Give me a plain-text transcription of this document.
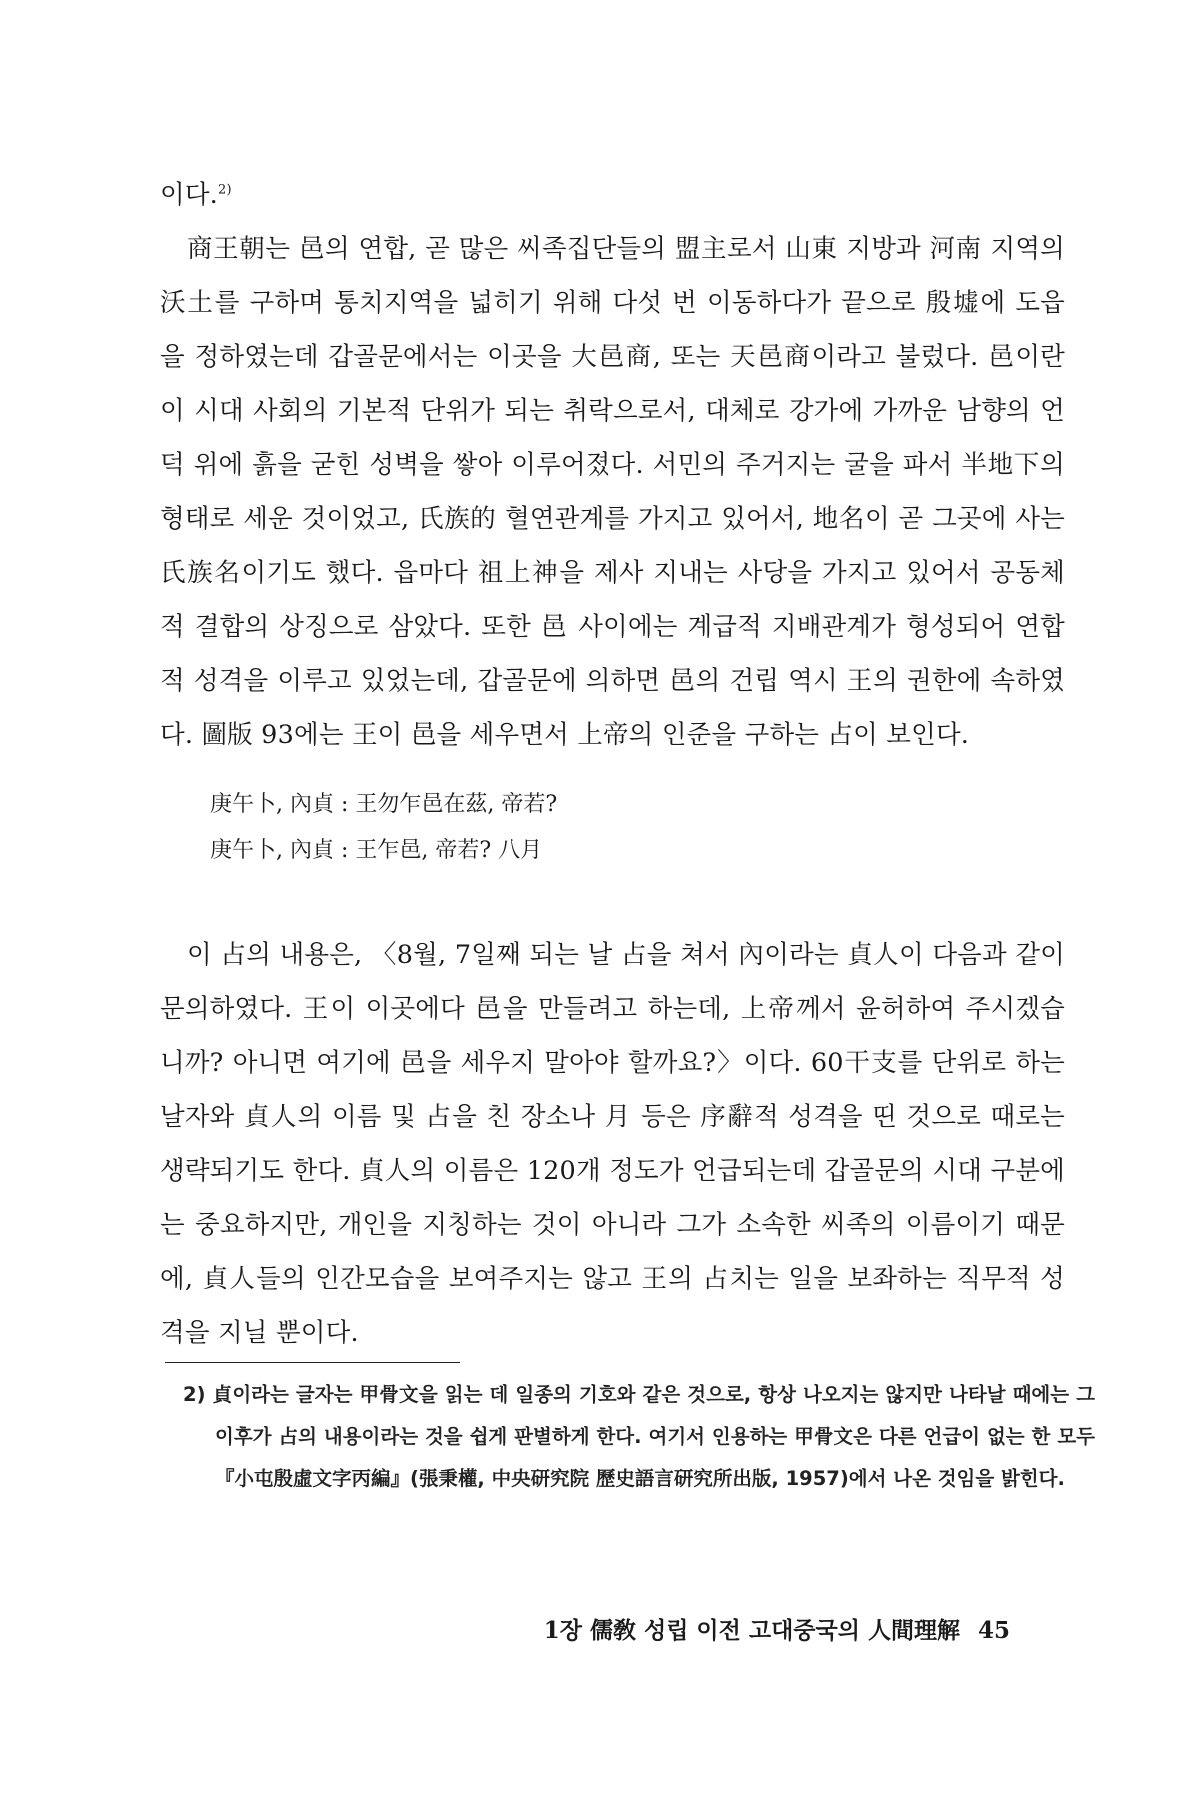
이다.$^{2)}$

商王朝는 邑의 연합, 곧 많은 씨족집단들의 盟主로서 山東 지방과 河南 지역의 沃土를 구하며 통치지역을 넓히기 위해 다섯 번 이동하다가 끝으로 殷墟에 도읍을 정하였는데 갑골문에서는 이곳을 大邑商, 또는 天邑商이라고 불렀다. 邑이란 이 시대 사회의 기본적 단위가 되는 취락으로서, 대체로 강가에 가까운 남향의 언덕 위에 흙을 굳힌 성벽을 쌓아 이루어졌다. 서민의 주거지는 굴을 파서 半地下의 형태로 세운 것이었고, 氏族的 혈연관계를 가지고 있어서, 地名이 곧 그곳에 사는 氏族名이기도 했다. 읍마다 祖上神을 제사 지내는 사당을 가지고 있어서 공동체적 결합의 상징으로 삼았다. 또한 邑 사이에는 계급적 지배관계가 형성되어 연합적 성격을 이루고 있었는데, 갑골문에 의하면 邑의 건립 역시 王의 권한에 속하였다. 圖版 93에는 王이 邑을 세우면서 上帝의 인준을 구하는 占이 보인다.

庚午卜, 內貞 : 王勿乍邑在茲, 帝若?

庚午卜, 內貞 : 王乍邑, 帝若? 八月

이 占의 내용은, 〈8월, 7일째 되는 날 占을 쳐서 內이라는 貞人이 다음과 같이 문의하였다. 王이 이곳에다 邑을 만들려고 하는데, 上帝께서 윤허하여 주시겠습니까? 아니면 여기에 邑을 세우지 말아야 할까요?〉이다. 60干支를 단위로 하는 날자와 貞人의 이름 및 占을 친 장소나 月 등은 序辭적 성격을 띤 것으로 때로는 생략되기도 한다. 貞人의 이름은 120개 정도가 언급되는데 갑골문의 시대 구분에는 중요하지만, 개인을 지칭하는 것이 아니라 그가 소속한 씨족의 이름이기 때문에, 貞人들의 인간모습을 보여주지는 않고 王의 占치는 일을 보좌하는 직무적 성격을 지닐 뿐이다.

2) 貞이라는 글자는 甲骨文을 읽는 데 일종의 기호와 같은 것으로, 항상 나오지는 않지만 나타날 때에는 그 이후가 占의 내용이라는 것을 쉽게 판별하게 한다. 여기서 인용하는 甲骨文은 다른 언급이 없는 한 모두 『小屯殷虛文字丙編』(張秉權, 中央研究院 歷史語言研究所出版, 1957)에서 나온 것임을 밝힌다.

1장 儒敎 성립 이전 고대중국의 人間理解 45
